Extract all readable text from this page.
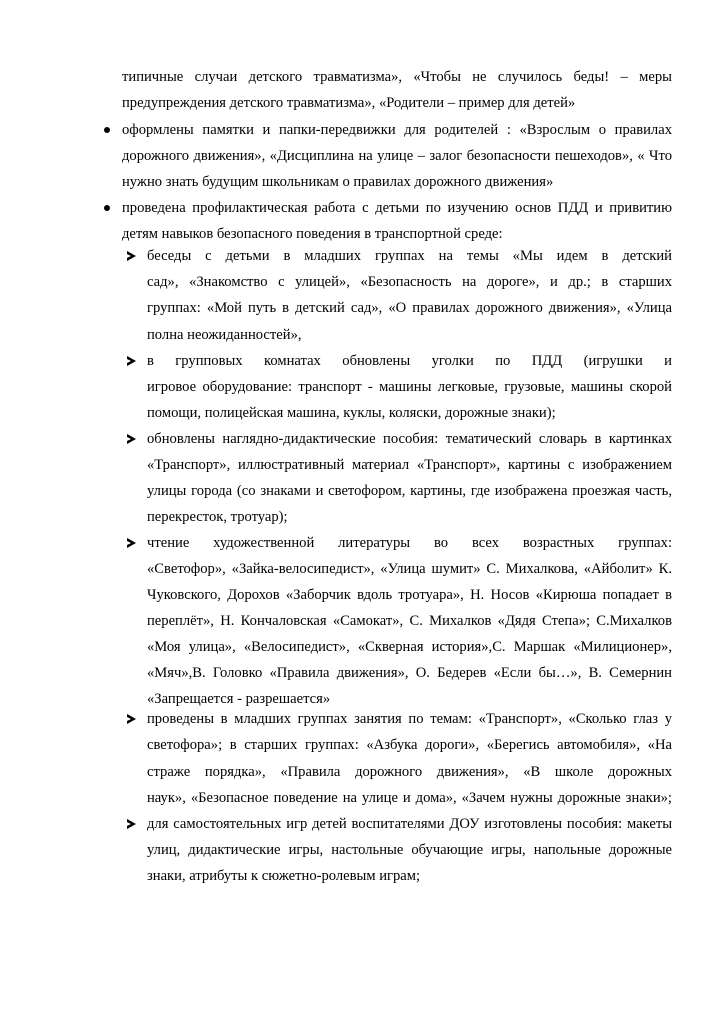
типичные случаи детского травматизма», «Чтобы не случилось беды! – меры

предупреждения детского травматизма», «Родители – пример для детей»

оформлены памятки и папки-передвижки для родителей : «Взрослым о правилах

дорожного движения», «Дисциплина на улице – залог безопасности пешеходов», « Что

нужно знать будущим школьникам о правилах дорожного движения»

проведена профилактическая работа с детьми по изучению основ ПДД и привитию

детям навыков безопасного поведения в транспортной среде:

беседы с детьми в младших группах на темы «Мы идем в детский

сад», «Знакомство с улицей», «Безопасность на дороге», и др.; в старших

группах: «Мой путь в детский сад», «О правилах дорожного движения», «Улица

полна неожиданностей»,

в групповых комнатах обновлены уголки по ПДД (игрушки и

игровое оборудование: транспорт - машины легковые, грузовые, машины скорой

помощи, полицейская машина, куклы, коляски, дорожные знаки);

обновлены наглядно-дидактические пособия: тематический словарь в картинках

«Транспорт», иллюстративный материал «Транспорт», картины с изображением

улицы города (со знаками и светофором, картины, где изображена проезжая часть,

перекресток, тротуар);

чтение художественной литературы во всех возрастных группах:

«Светофор», «Зайка-велосипедист», «Улица шумит» С. Михалкова, «Айболит» К.

Чуковского, Дорохов «Заборчик вдоль тротуара», Н. Носов «Кирюша попадает в

переплёт», Н. Кончаловская «Самокат», С. Михалков «Дядя Степа»; С.Михалков

«Моя улица», «Велосипедист», «Скверная история»,С. Маршак «Милиционер»,

«Мяч»,В. Головко «Правила движения», О. Бедерев «Если бы…», В. Семернин

«Запрещается - разрешается»

проведены в младших группах занятия по темам: «Транспорт», «Сколько глаз у

светофора»; в старших группах: «Азбука дороги», «Берегись автомобиля», «На

страже порядка», «Правила дорожного движения», «В школе дорожных

наук», «Безопасное поведение на улице и дома», «Зачем нужны дорожные знаки»;

для самостоятельных игр детей воспитателями ДОУ изготовлены пособия: макеты

улиц, дидактические игры, настольные обучающие игры, напольные дорожные

знаки, атрибуты к сюжетно-ролевым играм;
